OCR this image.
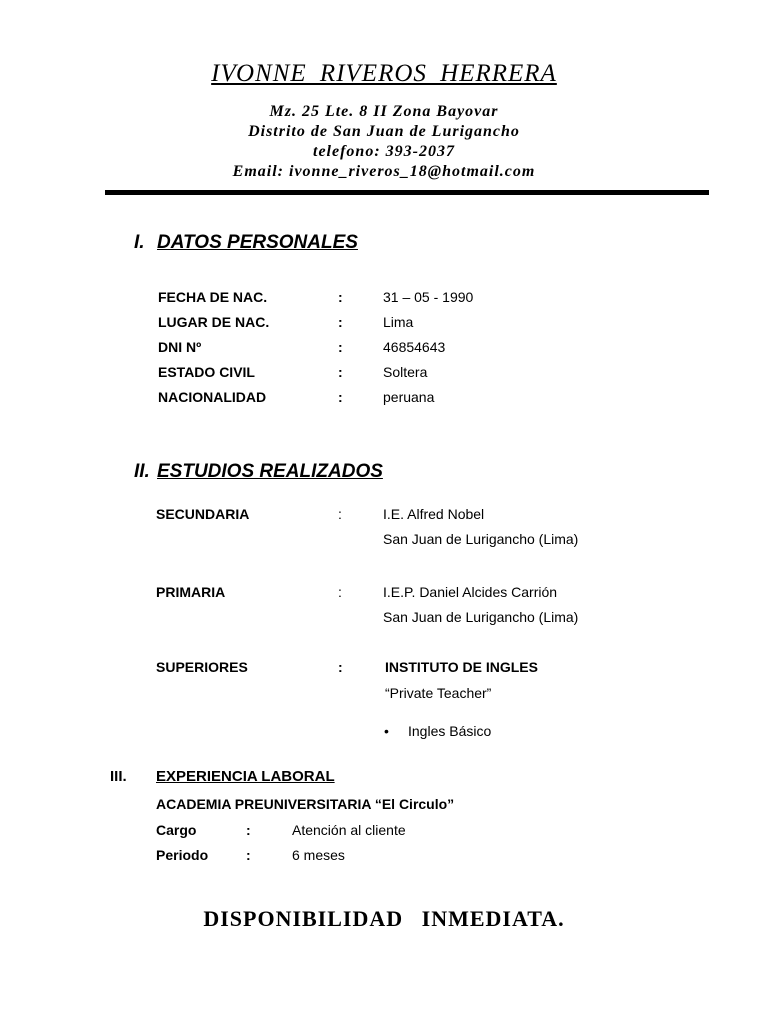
IVONNE RIVEROS HERRERA
Mz. 25 Lte. 8 II Zona Bayovar
Distrito de San Juan de Lurigancho
telefono: 393-2037
Email: ivonne_riveros_18@hotmail.com
I. DATOS PERSONALES
FECHA DE NAC.	:	31 – 05 - 1990
LUGAR DE NAC.	:	Lima
DNI Nº	:	46854643
ESTADO CIVIL	:	Soltera
NACIONALIDAD	:	peruana
II. ESTUDIOS REALIZADOS
SECUNDARIA	:	I.E. Alfred Nobel
San Juan de Lurigancho (Lima)
PRIMARIA	:	I.E.P. Daniel Alcides Carrión
San Juan de Lurigancho (Lima)
SUPERIORES	:	INSTITUTO DE INGLES
“Private Teacher”
• Ingles Básico
III. EXPERIENCIA LABORAL
ACADEMIA PREUNIVERSITARIA “El Circulo”
Cargo	:	Atención al cliente
Periodo	:	6 meses
DISPONIBILIDAD INMEDIATA.
